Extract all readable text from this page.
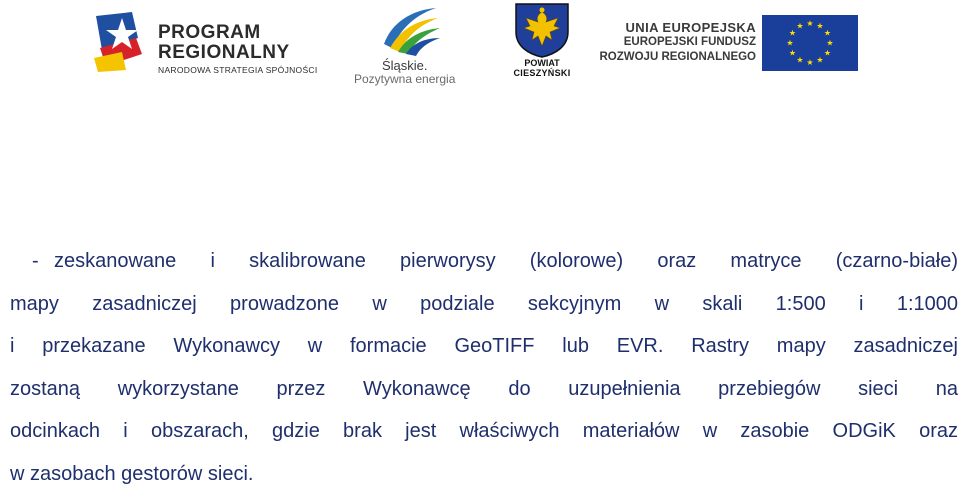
PROGRAM
REGIONALNY
NARODOWA STRATEGIA SPÓJNOŚCI	Śląskie.
Pozytywna energia
POWIAT
CIESZYŃSKI
UNIA EUROPEJSKA
EUROPEJSKI FUNDUSZ
ROZWOJU REGIONALNEGO
★ ★
★
★
★
★
★
★
★
★
★
★
- zeskanowane i skalibrowane pierworysy (kolorowe) oraz matryce (czarno-białe)
mapy zasadniczej prowadzone w podziale sekcyjnym w skali 1:500 i 1:1000
i przekazane Wykonawcy w formacie GeoTIFF lub EVR. Rastry mapy zasadniczej
zostaną wykorzystane przez Wykonawcę do uzupełnienia przebiegów sieci na
odcinkach i obszarach, gdzie brak jest właściwych materiałów w zasobie ODGiK oraz
w zasobach gestorów sieci.
